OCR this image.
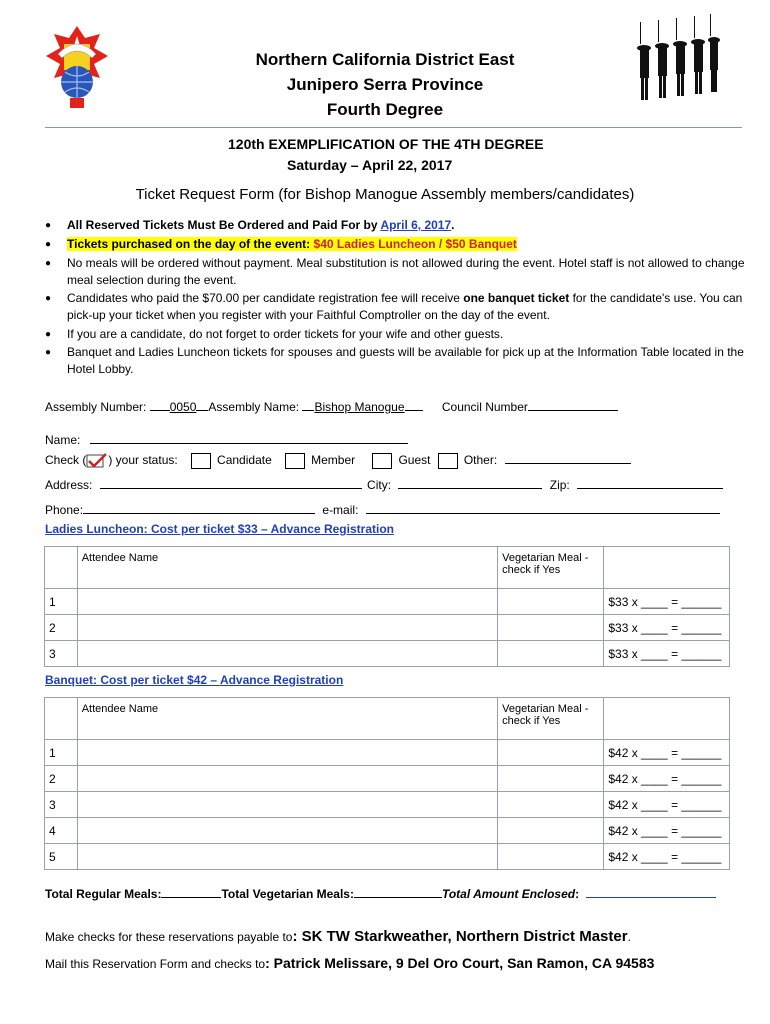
Northern California District East
Junipero Serra Province
Fourth Degree
120th EXEMPLIFICATION OF THE 4TH DEGREE
Saturday – April 22, 2017
Ticket Request Form (for Bishop Manogue Assembly members/candidates)
●	All Reserved Tickets Must Be Ordered and Paid For by April 6, 2017.
●	Tickets purchased on the day of the event: $40 Ladies Luncheon / $50 Banquet
●	No meals will be ordered without payment. Meal substitution is not allowed during the event. Hotel staff is not allowed to change meal selection during the event.
●	Candidates who paid the $70.00 per candidate registration fee will receive one banquet ticket for the candidate's use. You can pick-up your ticket when you register with your Faithful Comptroller on the day of the event.
●	If you are a candidate, do not forget to order tickets for your wife and other guests.
●	Banquet and Ladies Luncheon tickets for spouses and guests will be available for pick up at the Information Table located in the Hotel Lobby.
Assembly Number: 0050 Assembly Name: Bishop Manogue	Council Number
Name:
Check ( ) your status:	Candidate	Member	Guest	Other:
Address:	City:	Zip:
Phone:	e-mail:
Ladies Luncheon: Cost per ticket $33 – Advance Registration
	Attendee Name	Vegetarian Meal -
check if Yes	
1			$33 x ____ = ______
2			$33 x ____ = ______
3			$33 x ____ = ______
Banquet: Cost per ticket $42 – Advance Registration
	Attendee Name	Vegetarian Meal -
check if Yes	
1			$42 x ____ = ______
2			$42 x ____ = ______
3			$42 x ____ = ______
4			$42 x ____ = ______
5			$42 x ____ = ______
Total Regular Meals:	Total Vegetarian Meals:	Total Amount Enclosed:
Make checks for these reservations payable to: SK TW Starkweather, Northern District Master.
Mail this Reservation Form and checks to: Patrick Melissare, 9 Del Oro Court, San Ramon, CA 94583
